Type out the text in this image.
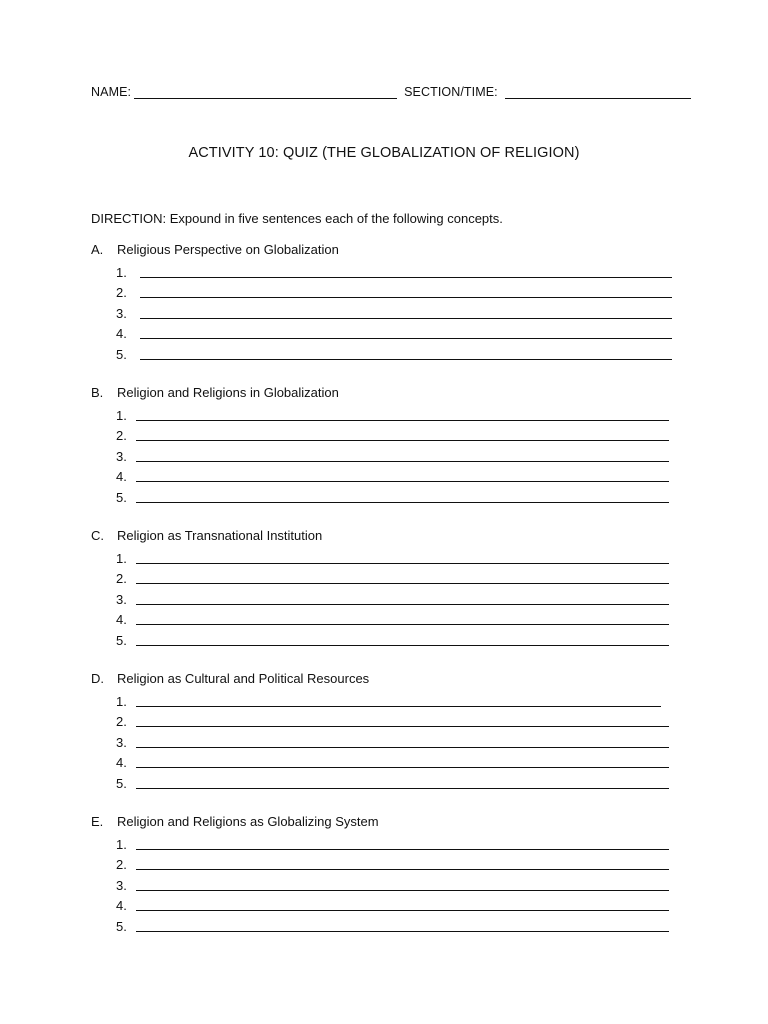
NAME:	SECTION/TIME:
ACTIVITY 10: QUIZ (THE GLOBALIZATION OF RELIGION)
DIRECTION: Expound in five sentences each of the following concepts.
A. Religious Perspective on Globalization
1.
2.
3.
4.
5.
B. Religion and Religions in Globalization
1.
2.
3.
4.
5.
C. Religion as Transnational Institution
1.
2.
3.
4.
5.
D. Religion as Cultural and Political Resources
1.
2.
3.
4.
5.
E. Religion and Religions as Globalizing System
1.
2.
3.
4.
5.
